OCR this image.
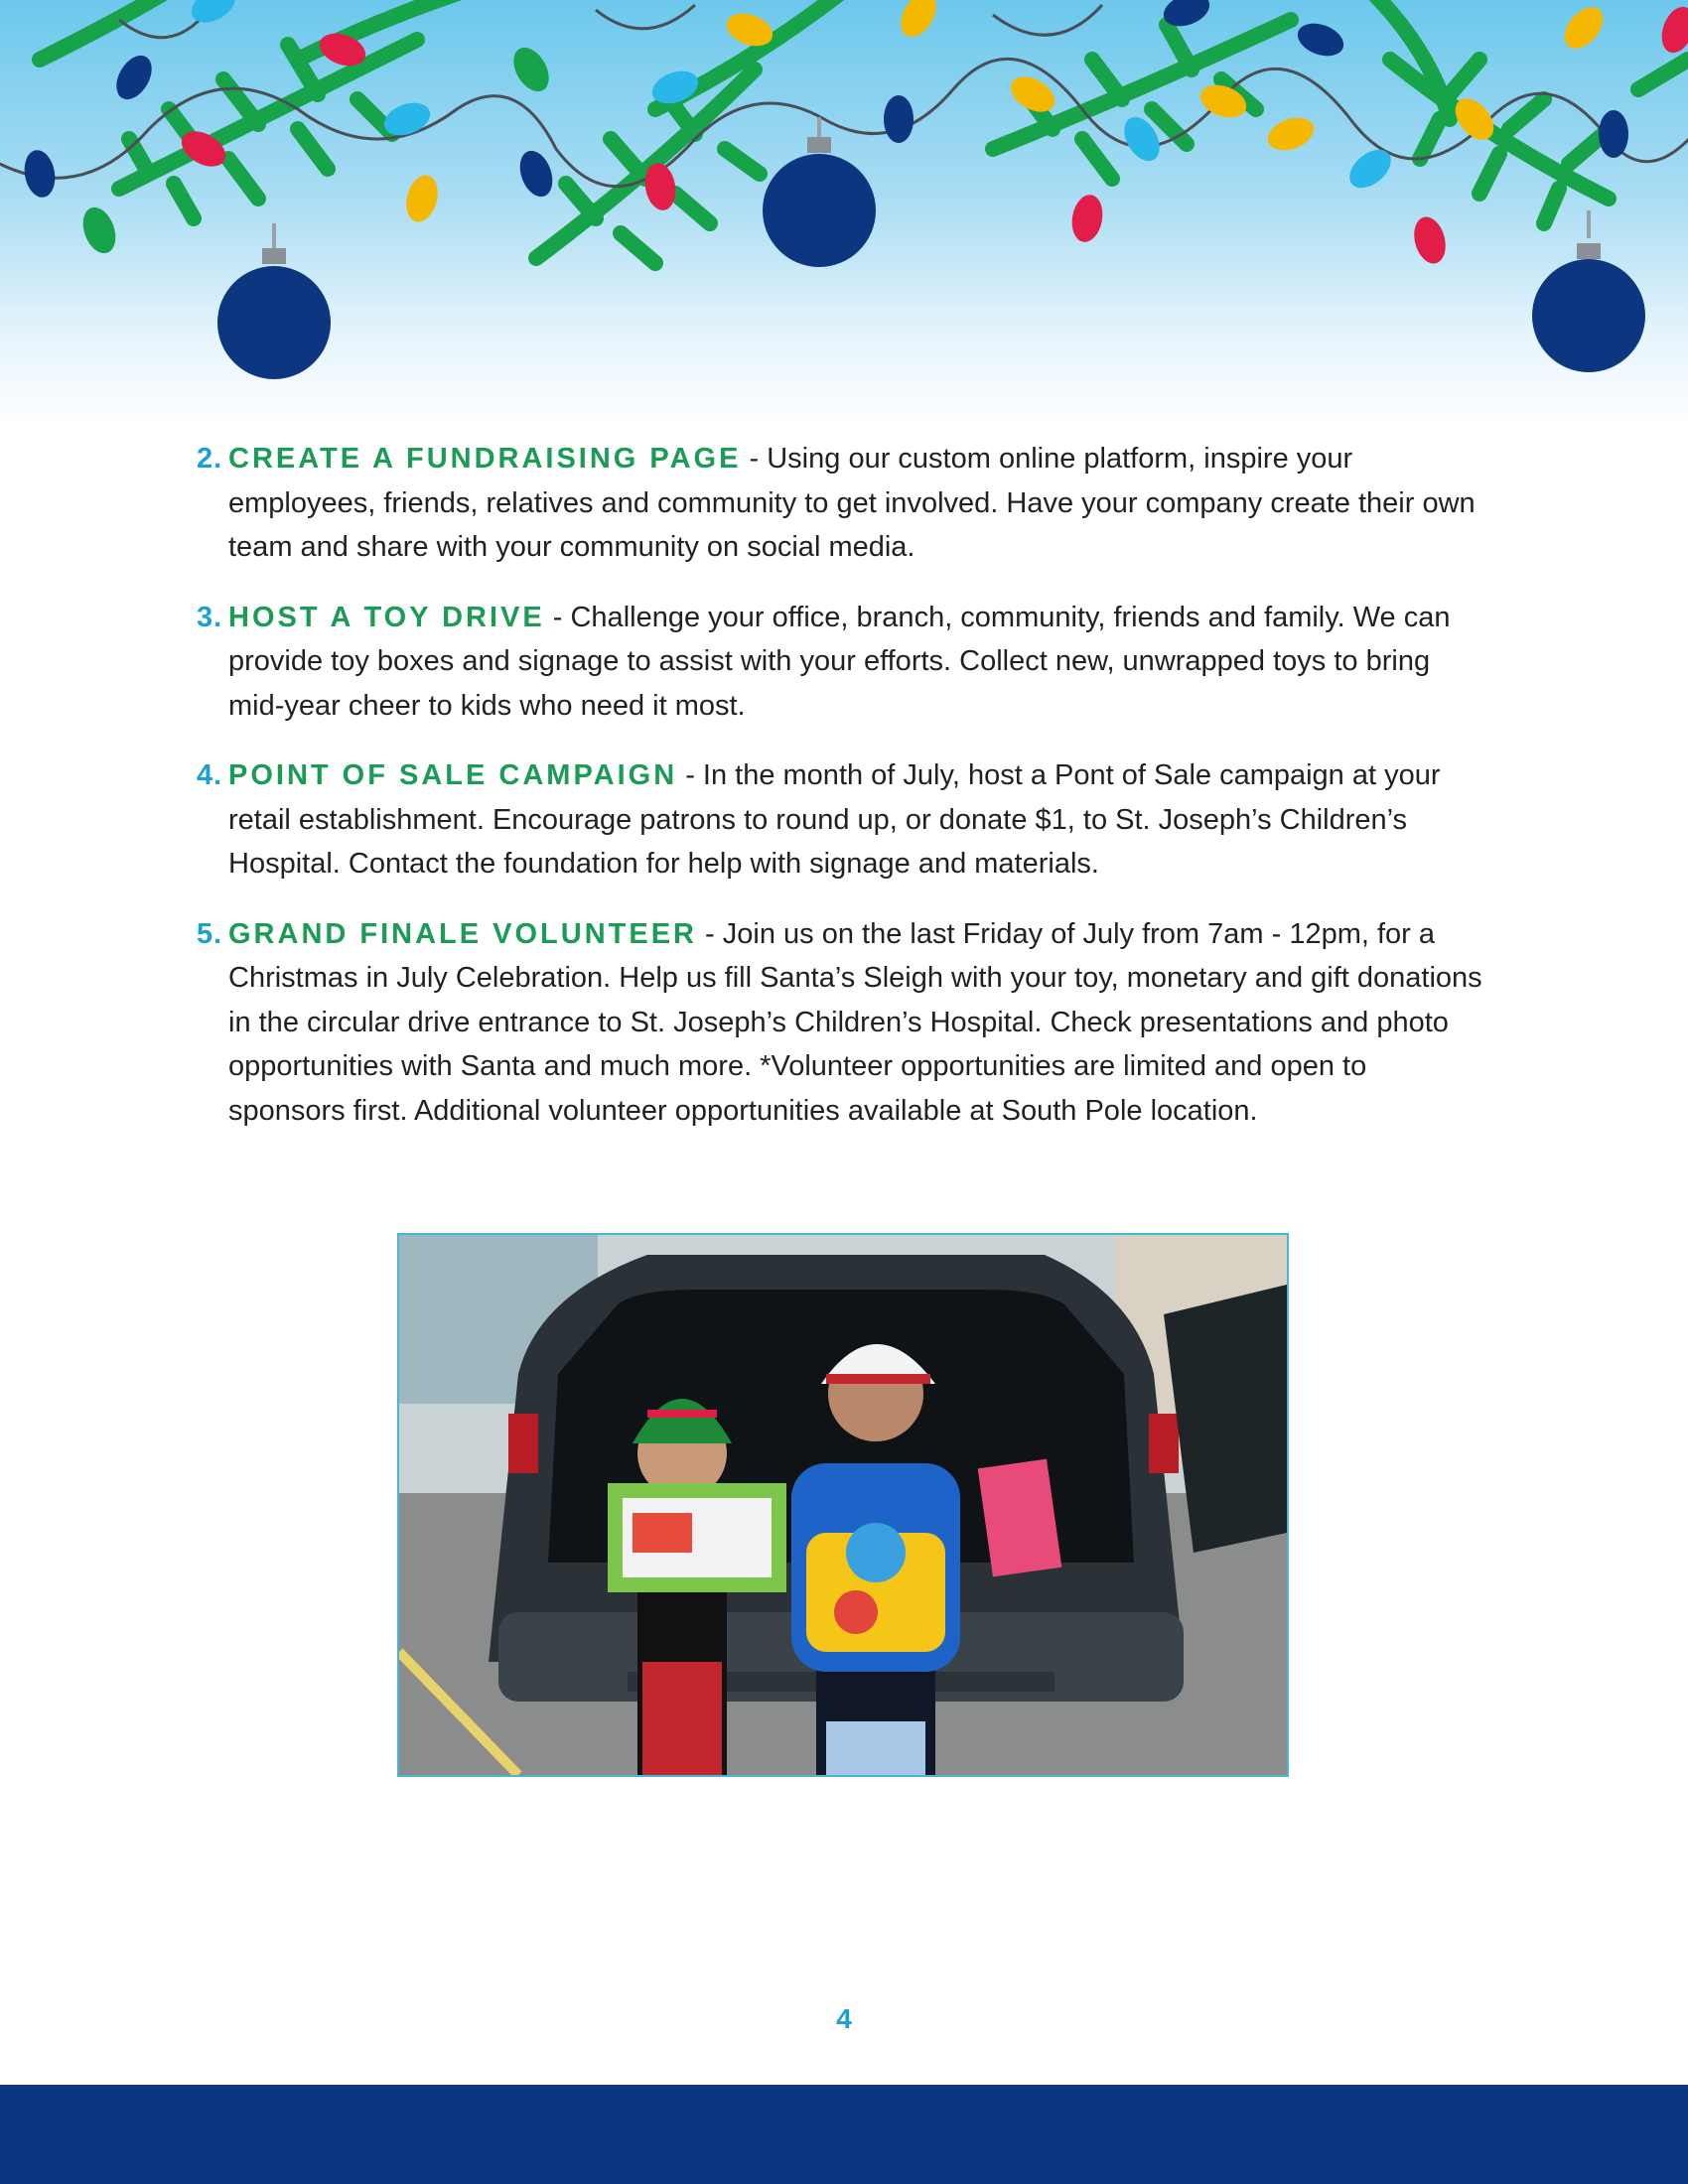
2. CREATE A FUNDRAISING PAGE - Using our custom online platform, inspire your employees, friends, relatives and community to get involved. Have your company create their own team and share with your community on social media.
3. HOST A TOY DRIVE - Challenge your office, branch, community, friends and family. We can provide toy boxes and signage to assist with your efforts. Collect new, unwrapped toys to bring mid-year cheer to kids who need it most.
4. POINT OF SALE CAMPAIGN - In the month of July, host a Pont of Sale campaign at your retail establishment. Encourage patrons to round up, or donate $1, to St. Joseph’s Children’s Hospital. Contact the foundation for help with signage and materials.
5. GRAND FINALE VOLUNTEER - Join us on the last Friday of July from 7am - 12pm, for a Christmas in July Celebration. Help us fill Santa’s Sleigh with your toy, monetary and gift donations in the circular drive entrance to St. Joseph’s Children’s Hospital. Check presentations and photo opportunities with Santa and much more. *Volunteer opportunities are limited and open to sponsors first. Additional volunteer opportunities available at South Pole location.
4
